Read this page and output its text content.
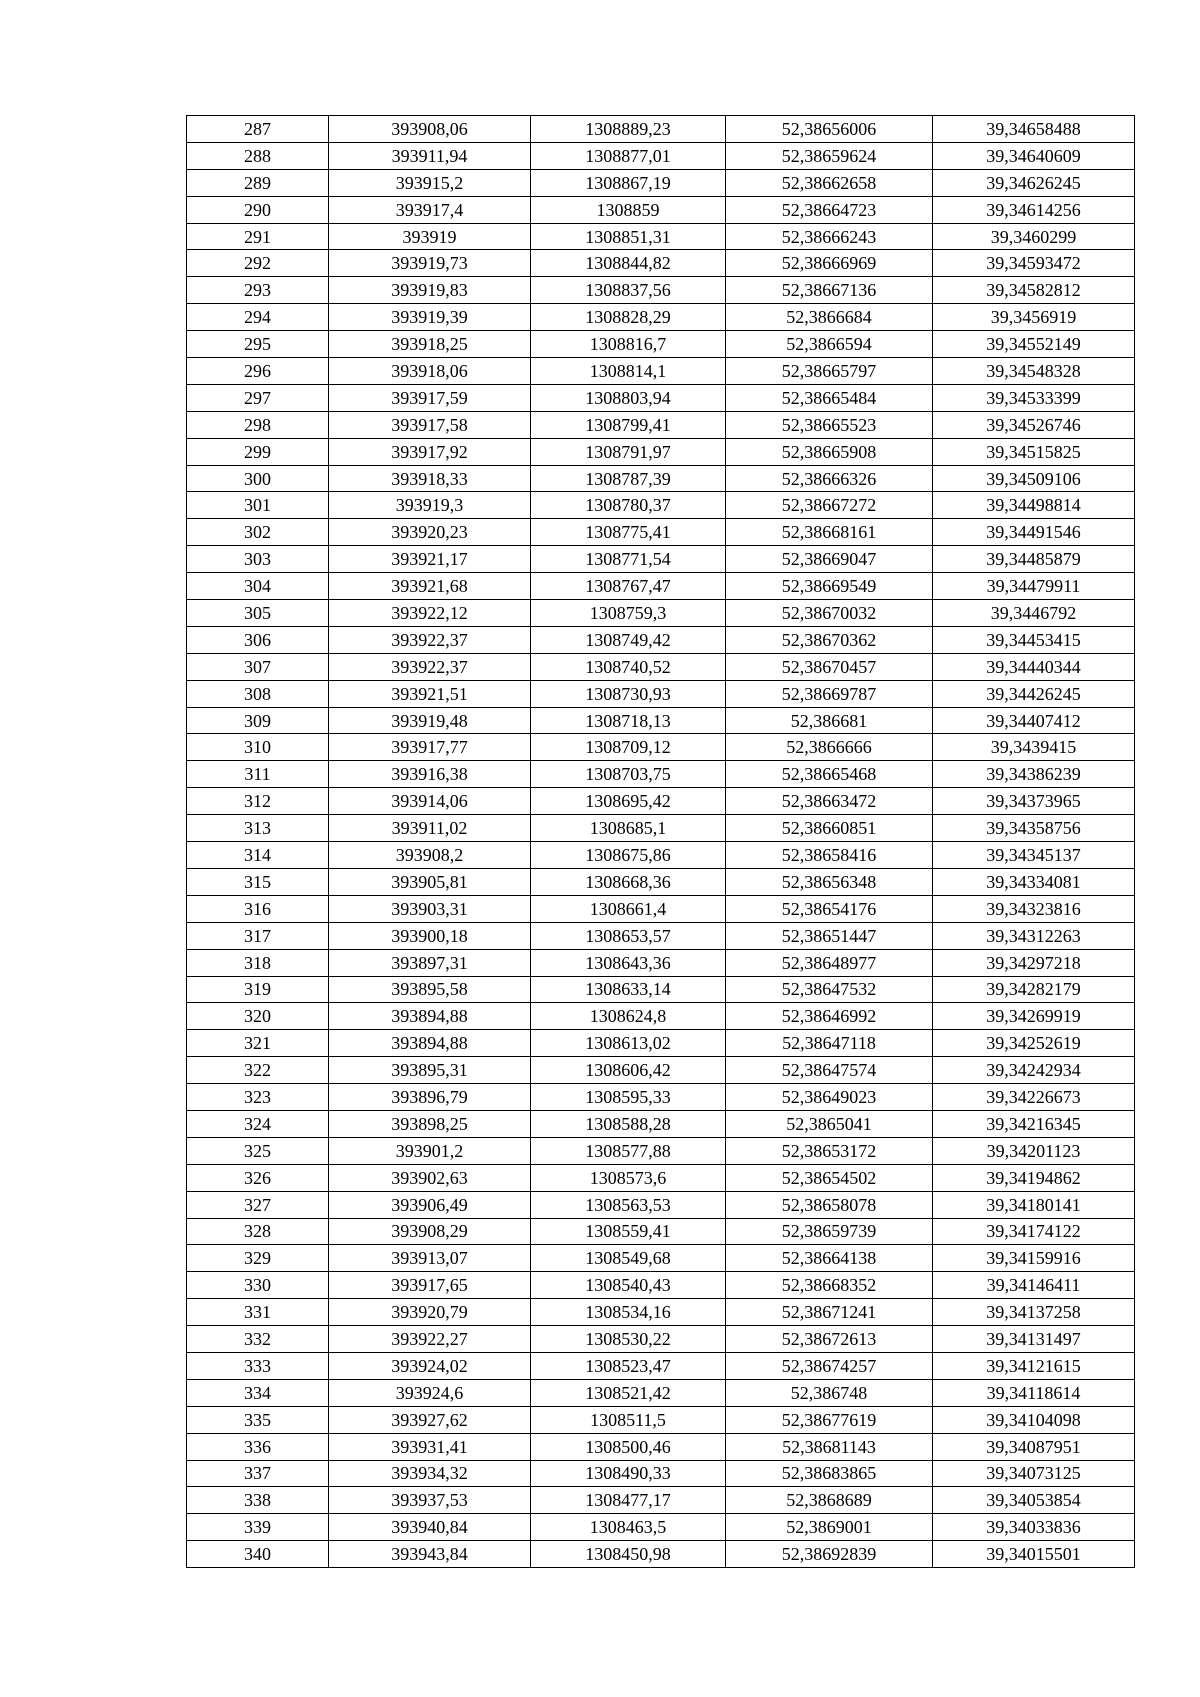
287	393908,06	1308889,23	52,38656006	39,34658488
288	393911,94	1308877,01	52,38659624	39,34640609
289	393915,2	1308867,19	52,38662658	39,34626245
290	393917,4	1308859	52,38664723	39,34614256
291	393919	1308851,31	52,38666243	39,3460299
292	393919,73	1308844,82	52,38666969	39,34593472
293	393919,83	1308837,56	52,38667136	39,34582812
294	393919,39	1308828,29	52,3866684	39,3456919
295	393918,25	1308816,7	52,3866594	39,34552149
296	393918,06	1308814,1	52,38665797	39,34548328
297	393917,59	1308803,94	52,38665484	39,34533399
298	393917,58	1308799,41	52,38665523	39,34526746
299	393917,92	1308791,97	52,38665908	39,34515825
300	393918,33	1308787,39	52,38666326	39,34509106
301	393919,3	1308780,37	52,38667272	39,34498814
302	393920,23	1308775,41	52,38668161	39,34491546
303	393921,17	1308771,54	52,38669047	39,34485879
304	393921,68	1308767,47	52,38669549	39,34479911
305	393922,12	1308759,3	52,38670032	39,3446792
306	393922,37	1308749,42	52,38670362	39,34453415
307	393922,37	1308740,52	52,38670457	39,34440344
308	393921,51	1308730,93	52,38669787	39,34426245
309	393919,48	1308718,13	52,386681	39,34407412
310	393917,77	1308709,12	52,3866666	39,3439415
311	393916,38	1308703,75	52,38665468	39,34386239
312	393914,06	1308695,42	52,38663472	39,34373965
313	393911,02	1308685,1	52,38660851	39,34358756
314	393908,2	1308675,86	52,38658416	39,34345137
315	393905,81	1308668,36	52,38656348	39,34334081
316	393903,31	1308661,4	52,38654176	39,34323816
317	393900,18	1308653,57	52,38651447	39,34312263
318	393897,31	1308643,36	52,38648977	39,34297218
319	393895,58	1308633,14	52,38647532	39,34282179
320	393894,88	1308624,8	52,38646992	39,34269919
321	393894,88	1308613,02	52,38647118	39,34252619
322	393895,31	1308606,42	52,38647574	39,34242934
323	393896,79	1308595,33	52,38649023	39,34226673
324	393898,25	1308588,28	52,3865041	39,34216345
325	393901,2	1308577,88	52,38653172	39,34201123
326	393902,63	1308573,6	52,38654502	39,34194862
327	393906,49	1308563,53	52,38658078	39,34180141
328	393908,29	1308559,41	52,38659739	39,34174122
329	393913,07	1308549,68	52,38664138	39,34159916
330	393917,65	1308540,43	52,38668352	39,34146411
331	393920,79	1308534,16	52,38671241	39,34137258
332	393922,27	1308530,22	52,38672613	39,34131497
333	393924,02	1308523,47	52,38674257	39,34121615
334	393924,6	1308521,42	52,386748	39,34118614
335	393927,62	1308511,5	52,38677619	39,34104098
336	393931,41	1308500,46	52,38681143	39,34087951
337	393934,32	1308490,33	52,38683865	39,34073125
338	393937,53	1308477,17	52,3868689	39,34053854
339	393940,84	1308463,5	52,3869001	39,34033836
340	393943,84	1308450,98	52,38692839	39,34015501
